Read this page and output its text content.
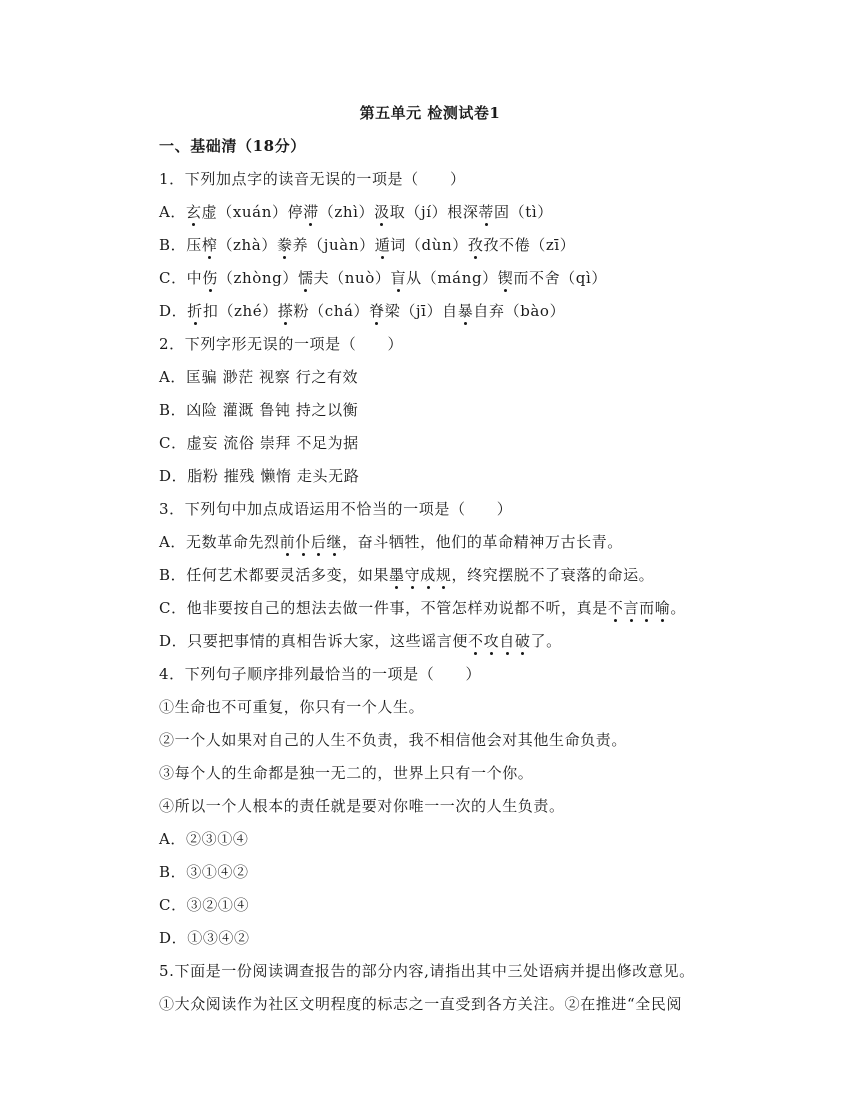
第五单元 检测试卷1
一、基础清（18分）
1．下列加点字的读音无误的一项是（　　）
A．玄虚（xuán）停滞（zhì）汲取（jí）根深蒂固（tì）
B．压榨（zhà）豢养（juàn）遁词（dùn）孜孜不倦（zī）
C．中伤（zhòng）懦夫（nuò）盲从（máng）锲而不舍（qì）
D．折扣（zhé）搽粉（chá）脊梁（jī）自暴自弃（bào）
2．下列字形无误的一项是（　　）
A．匡骗 渺茫 视察 行之有效
B．凶险 灌溉 鲁钝 持之以衡
C．虚妄 流俗 崇拜 不足为据
D．脂粉 摧残 懒惰 走头无路
3．下列句中加点成语运用不恰当的一项是（　　）
A．无数革命先烈前仆后继，奋斗牺牲，他们的革命精神万古长青。
B．任何艺术都要灵活多变，如果墨守成规，终究摆脱不了衰落的命运。
C．他非要按自己的想法去做一件事，不管怎样劝说都不听，真是不言而喻。
D．只要把事情的真相告诉大家，这些谣言便不攻自破了。
4．下列句子顺序排列最恰当的一项是（　　）
①生命也不可重复，你只有一个人生。
②一个人如果对自己的人生不负责，我不相信他会对其他生命负责。
③每个人的生命都是独一无二的，世界上只有一个你。
④所以一个人根本的责任就是要对你唯一一次的人生负责。
A．②③①④
B．③①④②
C．③②①④
D．①③④②
5.下面是一份阅读调查报告的部分内容,请指出其中三处语病并提出修改意见。
①大众阅读作为社区文明程度的标志之一直受到各方关注。②在推进“全民阅
